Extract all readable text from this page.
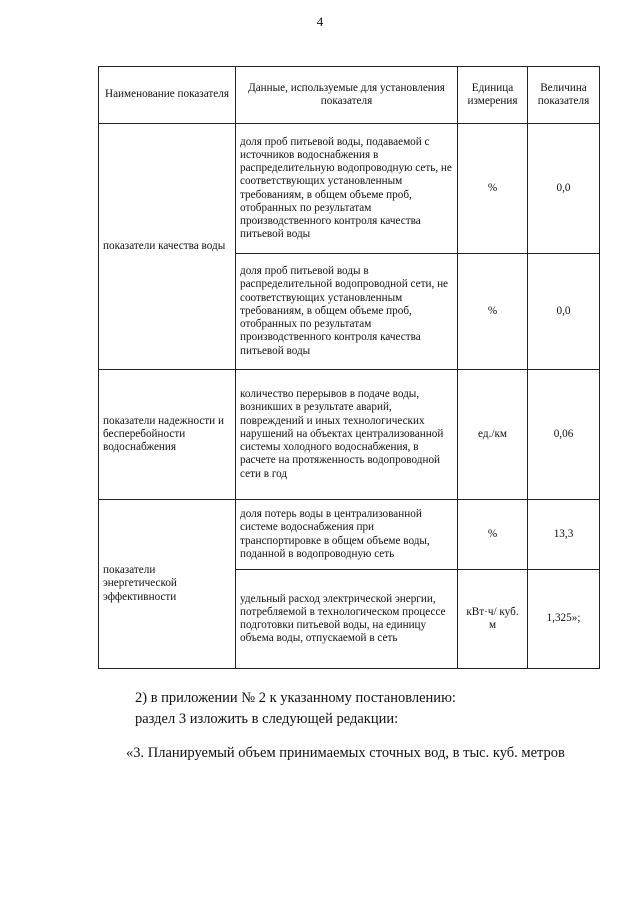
4
Наименование показателя	Данные, используемые для установления показателя	Единица измерения	Величина показателя
показатели качества воды	доля проб питьевой воды, подаваемой с источников водоснабжения в распределительную водопроводную сеть, не соответствующих установленным требованиям, в общем объеме проб, отобранных по результатам производственного контроля качества питьевой воды	%	0,0
	доля проб питьевой воды в распределительной водопроводной сети, не соответствующих установленным требованиям, в общем объеме проб, отобранных по результатам производственного контроля качества питьевой воды	%	0,0
показатели надежности и бесперебойности водоснабжения	количество перерывов в подаче воды, возникших в результате аварий, повреждений и иных технологических нарушений на объектах централизованной системы холодного водоснабжения, в расчете на протяженность водопроводной сети в год	ед./км	0,06
показатели энергетической эффективности	доля потерь воды в централизованной системе водоснабжения при транспортировке в общем объеме воды, поданной в водопроводную сеть	%	13,3
	удельный расход электрической энергии, потребляемой в технологическом процессе подготовки питьевой воды, на единицу объема воды, отпускаемой в сеть	кВт·ч/ куб. м	1,325»;
2) в приложении № 2 к указанному постановлению:
раздел 3 изложить в следующей редакции:
«3. Планируемый объем принимаемых сточных вод, в тыс. куб. метров
